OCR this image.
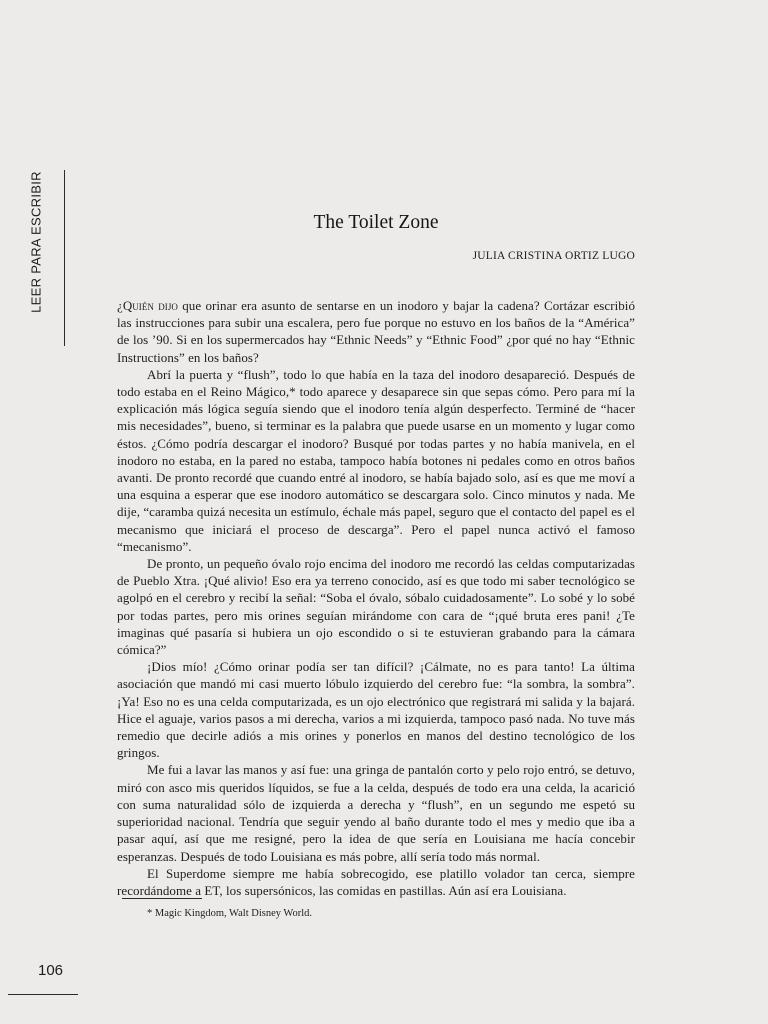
LEER PARA ESCRIBIR	The Toilet Zone
JULIA CRISTINA ORTIZ LUGO

¿Quién dijo que orinar era asunto de sentarse en un inodoro y bajar la cadena? Cortázar escribió las instrucciones para subir una escalera, pero fue porque no estuvo en los baños de la “América” de los ’90. Si en los supermercados hay “Ethnic Needs” y “Ethnic Food” ¿por qué no hay “Ethnic Instructions” en los baños?

Abrí la puerta y “flush”, todo lo que había en la taza del inodoro desapareció. Después de todo estaba en el Reino Mágico,* todo aparece y desaparece sin que sepas cómo. Pero para mí la explicación más lógica seguía siendo que el inodoro tenía algún desperfecto. Terminé de “hacer mis necesidades”, bueno, si terminar es la palabra que puede usarse en un momento y lugar como éstos. ¿Cómo podría descargar el inodoro? Busqué por todas partes y no había manivela, en el inodoro no estaba, en la pared no estaba, tampoco había botones ni pedales como en otros baños avanti. De pronto recordé que cuando entré al inodoro, se había bajado solo, así es que me moví a una esquina a esperar que ese inodoro automático se descargara solo. Cinco minutos y nada. Me dije, “caramba quizá necesita un estímulo, échale más papel, seguro que el contacto del papel es el mecanismo que iniciará el proceso de descarga”. Pero el papel nunca activó el famoso “mecanismo”.

De pronto, un pequeño óvalo rojo encima del inodoro me recordó las celdas computarizadas de Pueblo Xtra. ¡Qué alivio! Eso era ya terreno conocido, así es que todo mi saber tecnológico se agolpó en el cerebro y recibí la señal: “Soba el óvalo, sóbalo cuidadosamente”. Lo sobé y lo sobé por todas partes, pero mis orines seguían mirándome con cara de “¡qué bruta eres pani! ¿Te imaginas qué pasaría si hubiera un ojo escondido o si te estuvieran grabando para la cámara cómica?”

¡Dios mío! ¿Cómo orinar podía ser tan difícil? ¡Cálmate, no es para tanto! La última asociación que mandó mi casi muerto lóbulo izquierdo del cerebro fue: “la sombra, la sombra”. ¡Ya! Eso no es una celda computarizada, es un ojo electrónico que registrará mi salida y la bajará. Hice el aguaje, varios pasos a mi derecha, varios a mi izquierda, tampoco pasó nada. No tuve más remedio que decirle adiós a mis orines y ponerlos en manos del destino tecnológico de los gringos.

Me fui a lavar las manos y así fue: una gringa de pantalón corto y pelo rojo entró, se detuvo, miró con asco mis queridos líquidos, se fue a la celda, después de todo era una celda, la acarició con suma naturalidad sólo de izquierda a derecha y “flush”, en un segundo me espetó su superioridad nacional. Tendría que seguir yendo al baño durante todo el mes y medio que iba a pasar aquí, así que me resigné, pero la idea de que sería en Louisiana me hacía concebir esperanzas. Después de todo Louisiana es más pobre, allí sería todo más normal.

El Superdome siempre me había sobrecogido, ese platillo volador tan cerca, siempre recordándome a ET, los supersónicos, las comidas en pastillas. Aún así era Louisiana.

* Magic Kingdom, Walt Disney World.
106
